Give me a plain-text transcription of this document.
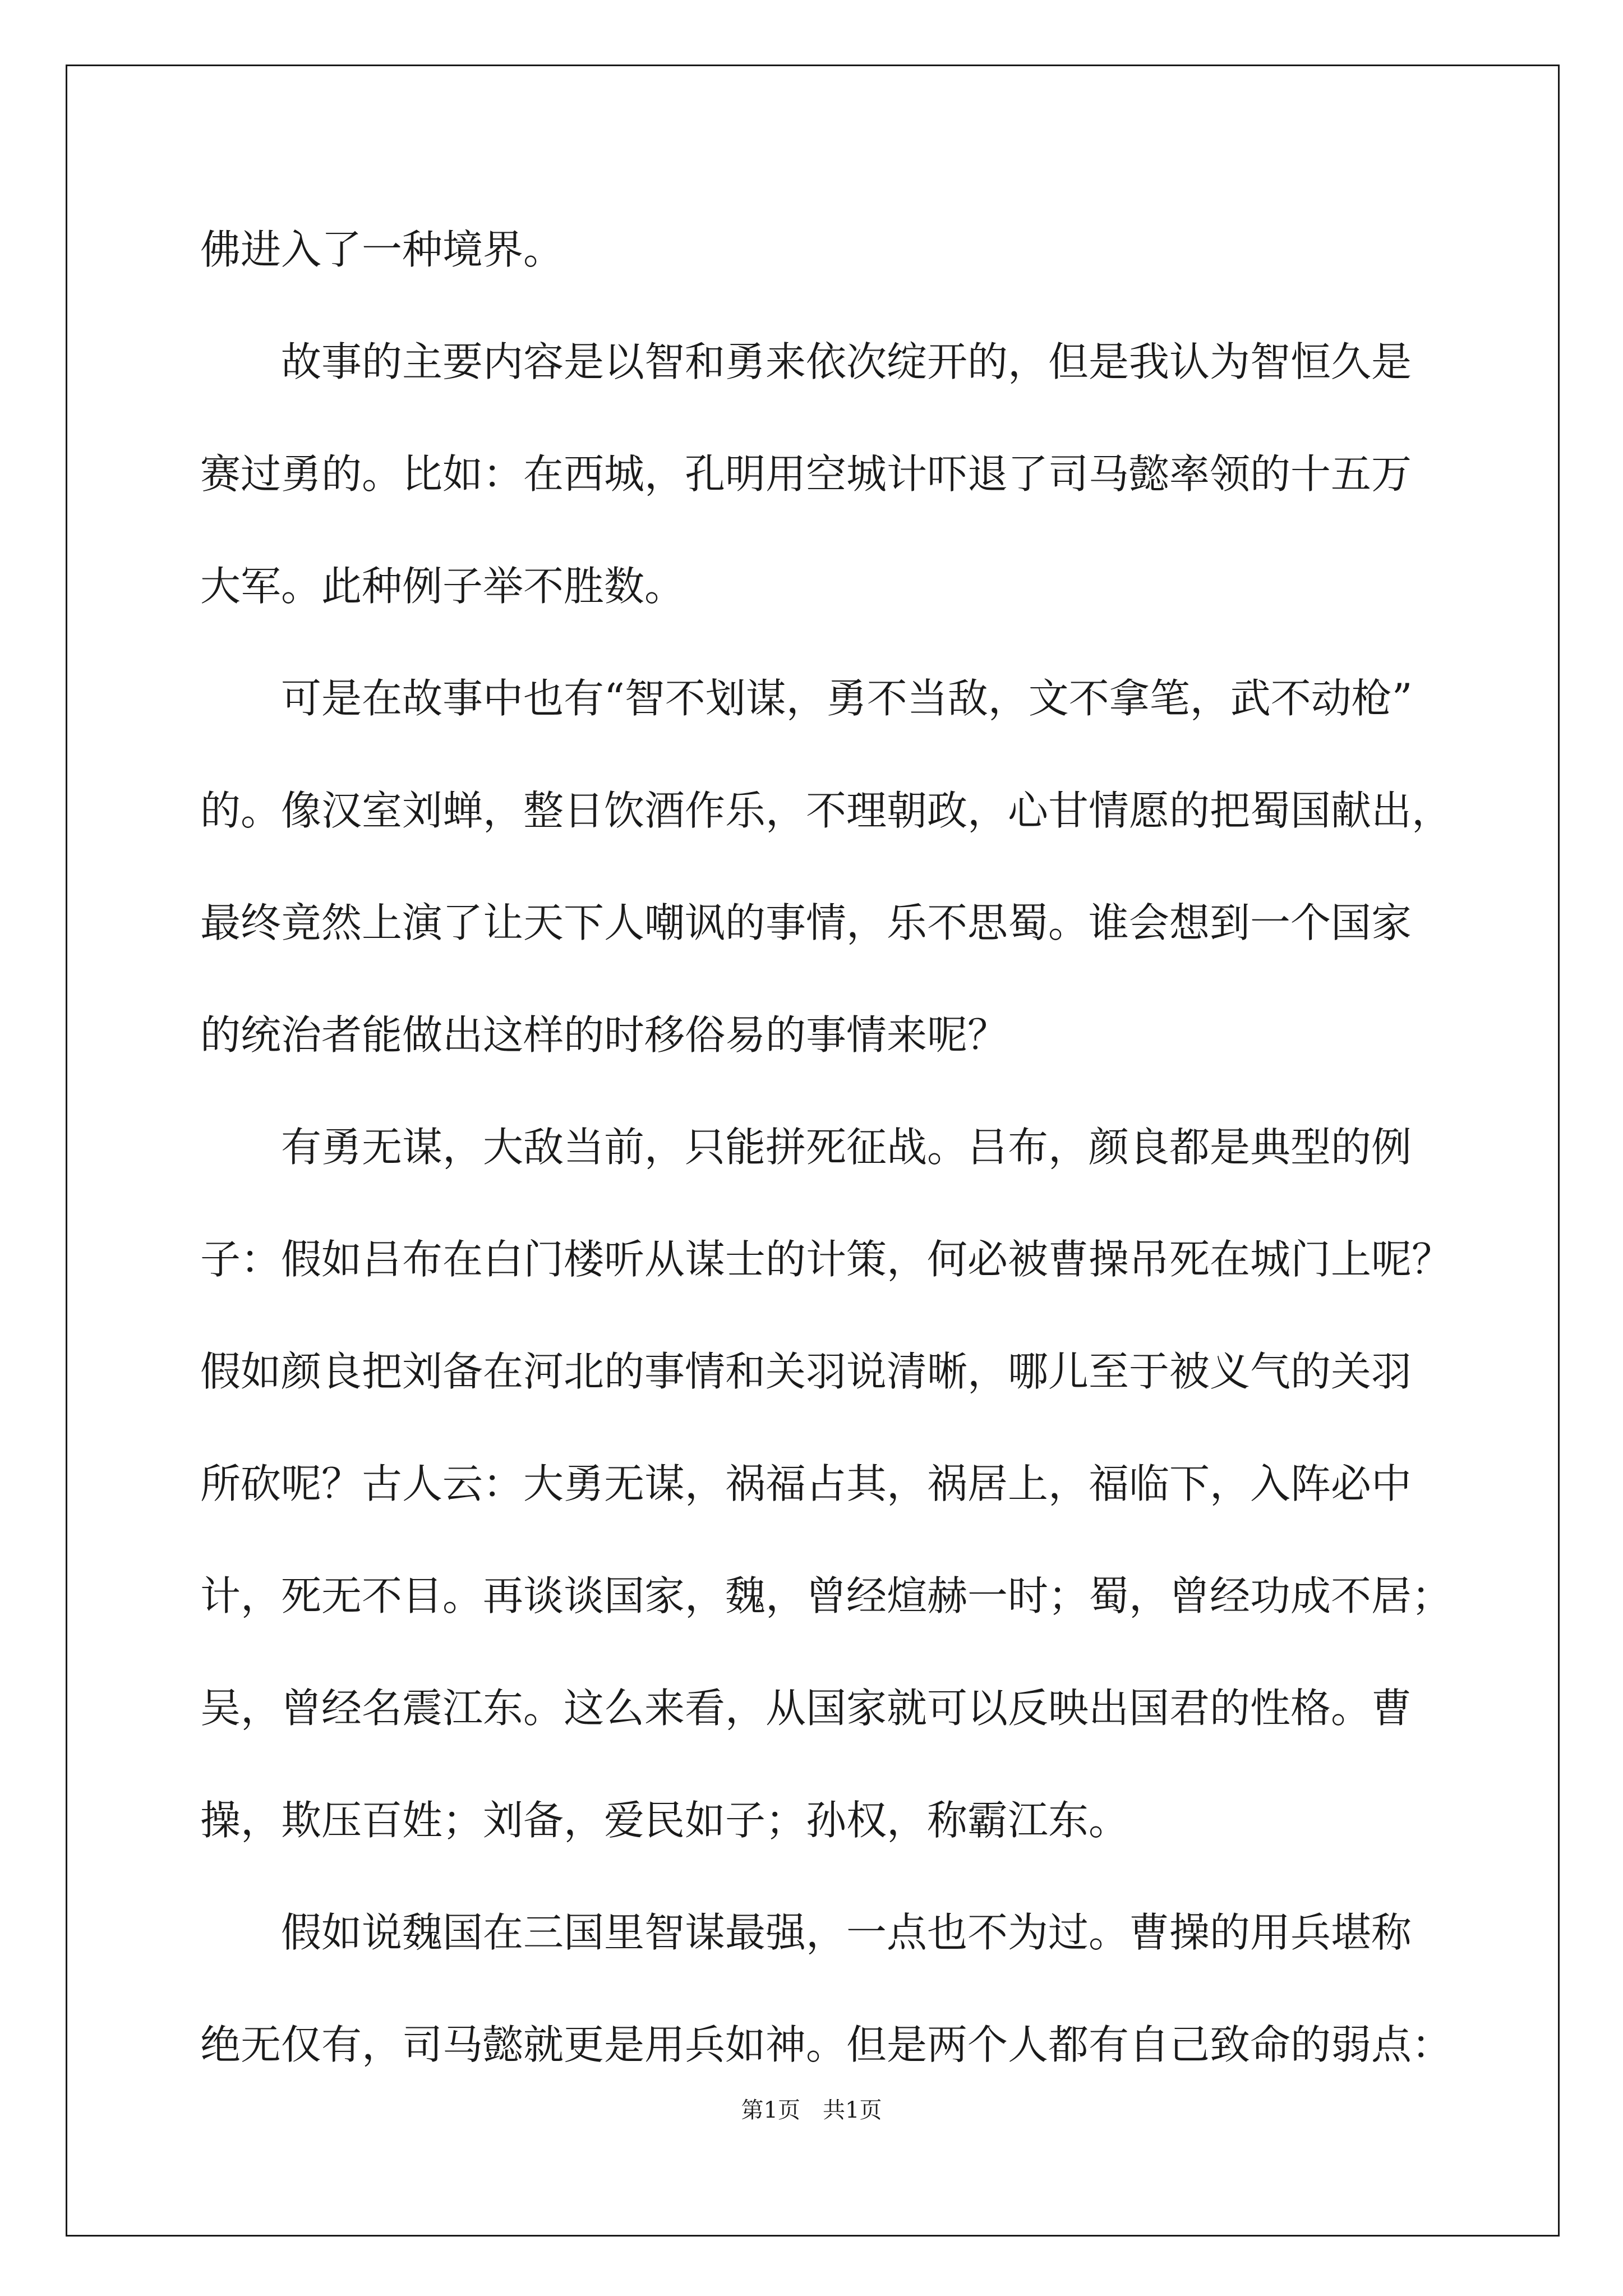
佛进入了一种境界。
故事的主要内容是以智和勇来依次绽开的，但是我认为智恒久是
赛过勇的。比如：在西城，孔明用空城计吓退了司马懿率领的十五万
大军。此种例子举不胜数。
可是在故事中也有“智不划谋，勇不当敌，文不拿笔，武不动枪”
的。像汉室刘蝉，整日饮酒作乐，不理朝政，心甘情愿的把蜀国献出，
最终竟然上演了让天下人嘲讽的事情，乐不思蜀。谁会想到一个国家
的统治者能做出这样的时移俗易的事情来呢？
有勇无谋，大敌当前，只能拼死征战。吕布，颜良都是典型的例
子：假如吕布在白门楼听从谋士的计策，何必被曹操吊死在城门上呢？
假如颜良把刘备在河北的事情和关羽说清晰，哪儿至于被义气的关羽
所砍呢？古人云：大勇无谋，祸福占其，祸居上，福临下，入阵必中
计，死无不目。再谈谈国家，魏，曾经煊赫一时；蜀，曾经功成不居；
吴，曾经名震江东。这么来看，从国家就可以反映出国君的性格。曹
操，欺压百姓；刘备，爱民如子；孙权，称霸江东。
假如说魏国在三国里智谋最强，一点也不为过。曹操的用兵堪称
绝无仅有，司马懿就更是用兵如神。但是两个人都有自己致命的弱点：
第1页　共1页
